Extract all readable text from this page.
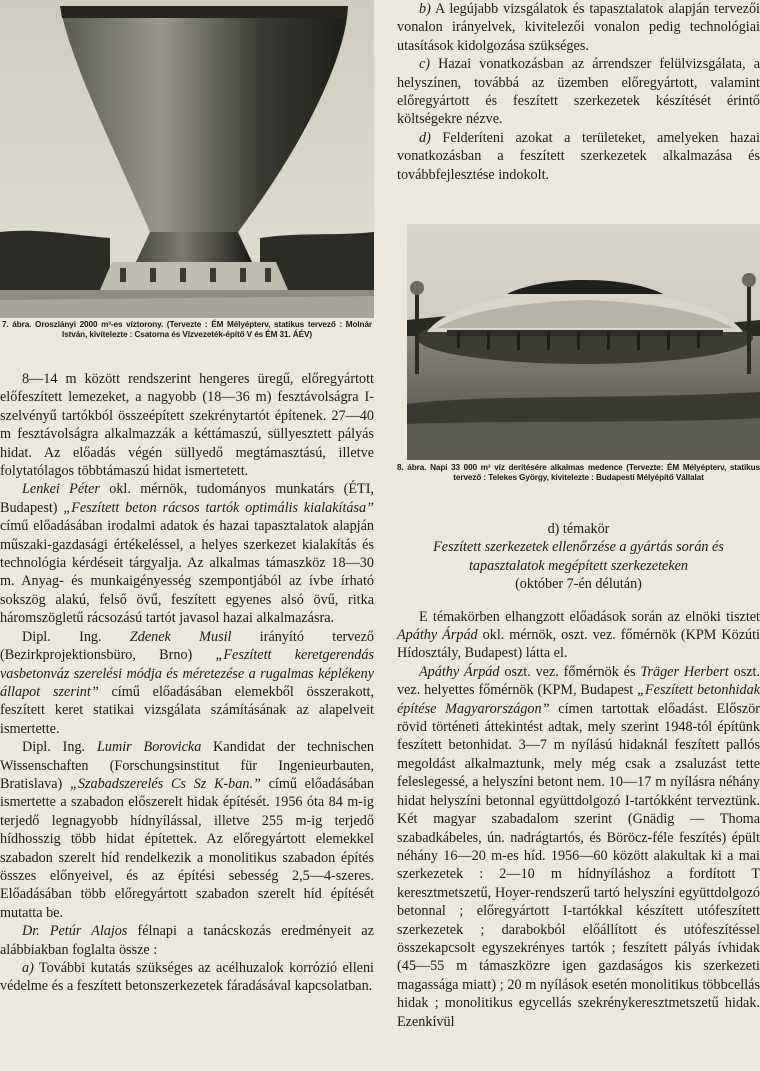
7. ábra. Oroszlányi 2000 m³-es víztorony. (Tervezte : ÉM Mélyépterv, statikus tervező : Molnár István, kivitelezte : Csatorna és Vízvezeték-építő V és ÉM 31. ÁÉV)

8—14 m között rendszerint hengeres üregű, előregyártott előfeszített lemezeket, a nagyobb (18—36 m) fesztávolságra I-szelvényű tartókból összeépített szekrénytartót építenek. 27—40 m fesztávolságra alkalmazzák a kéttámaszú, süllyesztett pályás hidat. Az előadás végén süllyedő megtámasztású, illetve folytatólagos többtámaszú hidat ismertetett.

Lenkei Péter okl. mérnök, tudományos munkatárs (ÉTI, Budapest) „Feszített beton rácsos tartók optimális kialakítása” című előadásában irodalmi adatok és hazai tapasztalatok alapján műszaki-gazdasági értékeléssel, a helyes szerkezet kialakítás és technológia kérdéseit tárgyalja. Az alkalmas támaszköz 18—30 m. Anyag- és munkaigényesség szempontjából az ívbe írható sokszög alakú, felső övű, feszített egyenes alsó övű, ritka háromszögletű rácsozású tartót javasol hazai alkalmazásra.

Dipl. Ing. Zdenek Musil irányító tervező (Bezirkprojektionsbüro, Brno) „Feszített keretgerendás vasbetonváz szerelési módja és méretezése a rugalmas képlékeny állapot szerint” című előadásában elemekből összerakott, feszített keret statikai vizsgálata számításának az alapelveit ismertette.

Dipl. Ing. Lumir Borovicka Kandidat der technischen Wissenschaften (Forschungsinstitut für Ingenieurbauten, Bratislava) „Szabadszerelés Cs Sz K-ban.” című előadásában ismertette a szabadon előszerelt hidak építését. 1956 óta 84 m-ig terjedő legnagyobb hídnyílással, illetve 255 m-ig terjedő hídhosszig több hidat építettek. Az előregyártott elemekkel szabadon szerelt híd rendelkezik a monolitikus szabadon építés összes előnyeivel, és az építési sebesség 2,5—4-szeres. Előadásában több előregyártott szabadon szerelt híd építését mutatta be.

Dr. Petúr Alajos félnapi a tanácskozás eredményeit az alábbiakban foglalta össze :

a) További kutatás szükséges az acélhuzalok korrózió elleni védelme és a feszített betonszerkezetek fáradásával kapcsolatban.

b) A legújabb vizsgálatok és tapasztalatok alapján tervezői vonalon irányelvek, kivitelezői vonalon pedig technológiai utasítások kidolgozása szükséges.

c) Hazai vonatkozásban az árrendszer felülvizsgálata, a helyszínen, továbbá az üzemben előregyártott, valamint előregyártott és feszített szerkezetek készítését érintő költségekre nézve.

d) Felderíteni azokat a területeket, amelyeken hazai vonatkozásban a feszített szerkezetek alkalmazása és továbbfejlesztése indokolt.

8. ábra. Napi 33 000 m³ víz derítésére alkalmas medence (Tervezte: ÉM Mélyépterv, statikus tervező : Telekes György, kivitelezte : Budapesti Mélyépítő Vállalat
d) témakör
Feszített szerkezetek ellenőrzése a gyártás során és tapasztalatok megépített szerkezeteken
(október 7-én délután)

E témakörben elhangzott előadások során az elnöki tisztet Apáthy Árpád okl. mérnök, oszt. vez. főmérnök (KPM Közúti Hídosztály, Budapest) látta el.

Apáthy Árpád oszt. vez. főmérnök és Träger Herbert oszt. vez. helyettes főmérnök (KPM, Budapest „Feszített betonhidak építése Magyarországon” címen tartottak előadást. Először rövid történeti áttekintést adtak, mely szerint 1948-tól építünk feszített betonhidat. 3—7 m nyílású hidaknál feszített pallós megoldást alkalmaztunk, mely még csak a zsaluzást tette feleslegessé, a helyszíni betont nem. 10—17 m nyílásra néhány hidat helyszíni betonnal együttdolgozó I-tartókként terveztünk. Két magyar szabadalom szerint (Gnädig — Thoma szabadkábeles, ún. nadrágtartós, és Böröcz-féle feszítés) épült néhány 16—20 m-es híd. 1956—60 között alakultak ki a mai szerkezetek : 2—10 m hídnyíláshoz a fordított T keresztmetszetű, Hoyer-rendszerű tartó helyszíni együttdolgozó betonnal ; előregyártott I-tartókkal készített utófeszített szerkezetek ; darabokból előállított és utófeszítéssel összekapcsolt egyszekrényes tartók ; feszített pályás ívhidak (45—55 m támaszközre igen gazdaságos kis szerkezeti magassága miatt) ; 20 m nyílások esetén monolitikus többcellás hidak ; monolitikus egycellás szekrénykeresztmetszetű hidak. Ezenkívül
